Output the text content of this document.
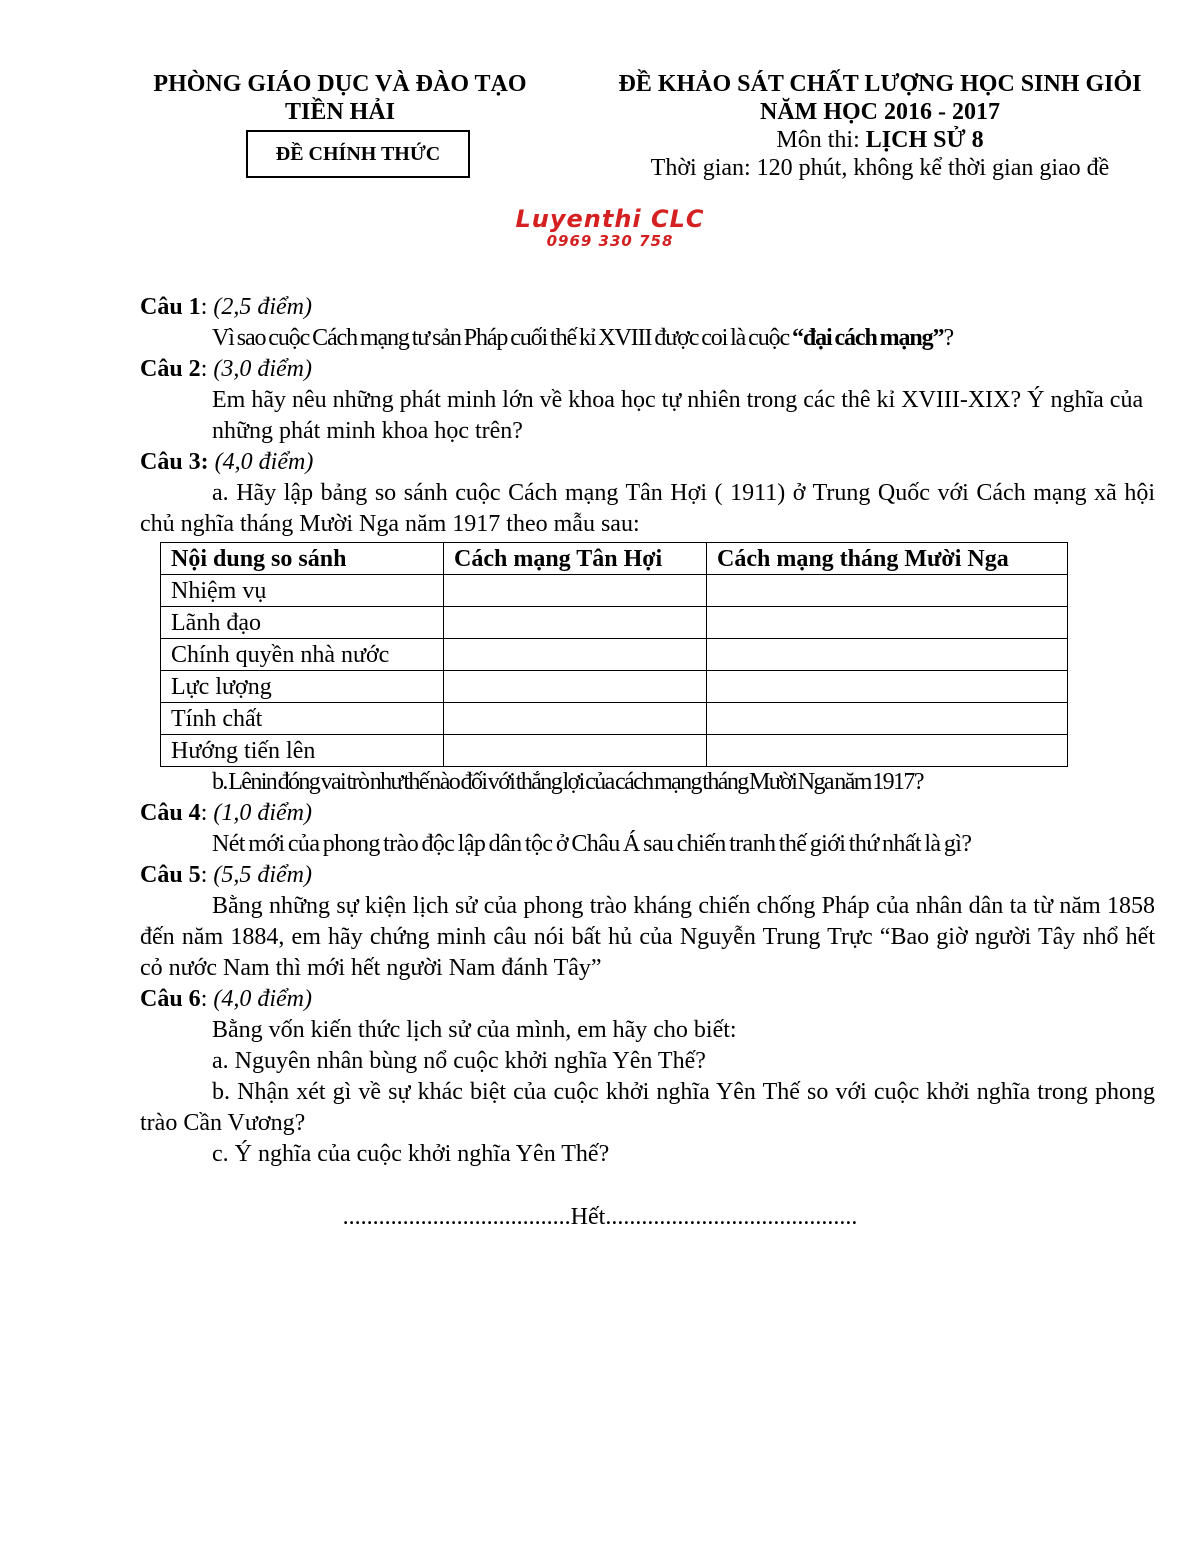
PHÒNG GIÁO DỤC VÀ ĐÀO TẠO
TIỀN HẢI
ĐỀ CHÍNH THỨC
ĐỀ KHẢO SÁT CHẤT LƯỢNG HỌC SINH GIỎI
NĂM HỌC 2016 - 2017
Môn thi: LỊCH SỬ 8
Thời gian: 120 phút, không kể thời gian giao đề
Luyenthi CLC
0969 330 758

Câu 1: (2,5 điểm)

Vì sao cuộc Cách mạng tư sản Pháp cuối thế kỉ XVIII được coi là cuộc “đại cách mạng”?

Câu 2: (3,0 điểm)

Em hãy nêu những phát minh lớn về khoa học tự nhiên trong các thê kỉ XVIII-XIX? Ý nghĩa của những phát minh khoa học trên?

Câu 3: (4,0 điểm)

a. Hãy lập bảng so sánh cuộc Cách mạng Tân Hợi ( 1911) ở Trung Quốc với Cách mạng xã hội chủ nghĩa tháng Mười Nga năm 1917 theo mẫu sau:

Nội dung so sánh	Cách mạng Tân Hợi	Cách mạng tháng Mười Nga
Nhiệm vụ		
Lãnh đạo		
Chính quyền nhà nước		
Lực lượng		
Tính chất		
Hướng tiến lên		

b. Lênin đóng vai trò như thế nào đối với thắng lợi của cách mạng tháng Mười Nga năm 1917?

Câu 4: (1,0 điểm)

Nét mới của phong trào độc lập dân tộc ở Châu Á sau chiến tranh thế giới thứ nhất là gì?

Câu 5: (5,5 điểm)

Bằng những sự kiện lịch sử của phong trào kháng chiến chống Pháp của nhân dân ta từ năm 1858 đến năm 1884, em hãy chứng minh câu nói bất hủ của Nguyễn Trung Trực “Bao giờ người Tây nhổ hết cỏ nước Nam thì mới hết người Nam đánh Tây”

Câu 6: (4,0 điểm)

Bằng vốn kiến thức lịch sử của mình, em hãy cho biết:

a. Nguyên nhân bùng nổ cuộc khởi nghĩa Yên Thế?

b. Nhận xét gì về sự khác biệt của cuộc khởi nghĩa Yên Thế so với cuộc khởi nghĩa trong phong trào Cần Vương?

c. Ý nghĩa của cuộc khởi nghĩa Yên Thế?

......................................Hết..........................................
